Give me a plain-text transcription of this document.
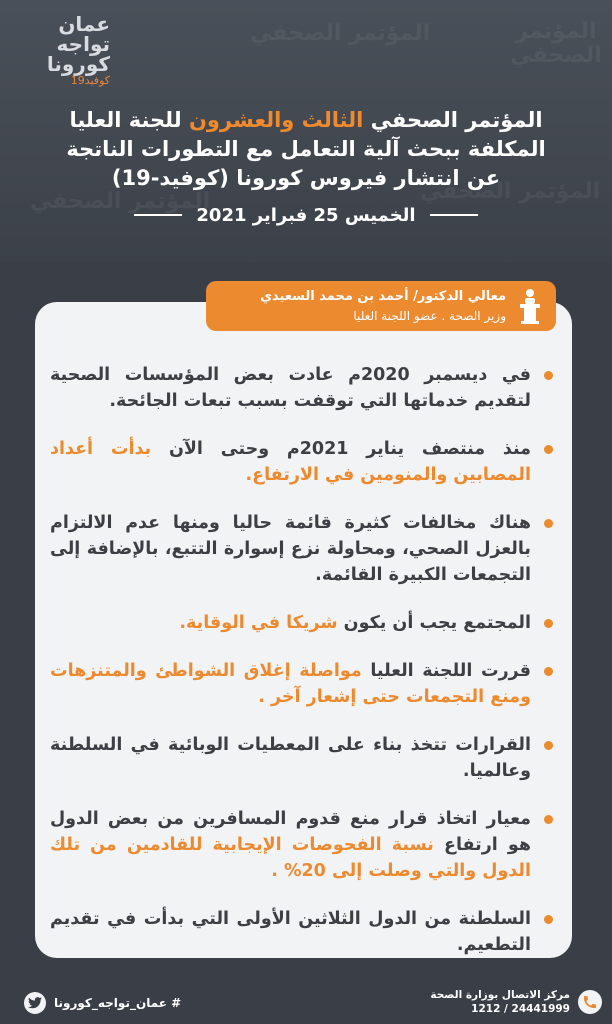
المؤتمر الصحفي
المؤتمر الصحفي	المؤتمر الصحفي
المؤتمر الصحفي
عمان
تواجه
كورونا
كوفيد19
المؤتمر الصحفي الثالث والعشرون للجنة العليا
المكلفة ببحث آلية التعامل مع التطورات الناتجة
عن انتشار فيروس كورونا (كوفيد-19)
الخميس 25 فبراير 2021
معالي الدكتور/ أحمد بن محمد السعيدي
وزير الصحة . عضو اللجنة العليا
في ديسمبر 2020م عادت بعض المؤسسات الصحية لتقديم خدماتها التي توقفت بسبب تبعات الجائحة.
منذ منتصف يناير 2021م وحتى الآن بدأت أعداد المصابين والمنومين في الارتفاع.
هناك مخالفات كثيرة قائمة حاليا ومنها عدم الالتزام بالعزل الصحي، ومحاولة نزع إسوارة التتبع، بالإضافة إلى التجمعات الكبيرة القائمة.
المجتمع يجب أن يكون شريكا في الوقاية.
قررت اللجنة العليا مواصلة إغلاق الشواطئ والمتنزهات ومنع التجمعات حتى إشعار آخر .
القرارات تتخذ بناء على المعطيات الوبائية في السلطنة وعالميا.
معيار اتخاذ قرار منع قدوم المسافرين من بعض الدول هو ارتفاع نسبة الفحوصات الإيجابية للقادمين من تلك الدول والتي وصلت إلى 20% .
السلطنة من الدول الثلاثين الأولى التي بدأت في تقديم التطعيم.
# عمان_تواجه_كورونا
مركز الاتصال بوزارة الصحة
1212 / 24441999
